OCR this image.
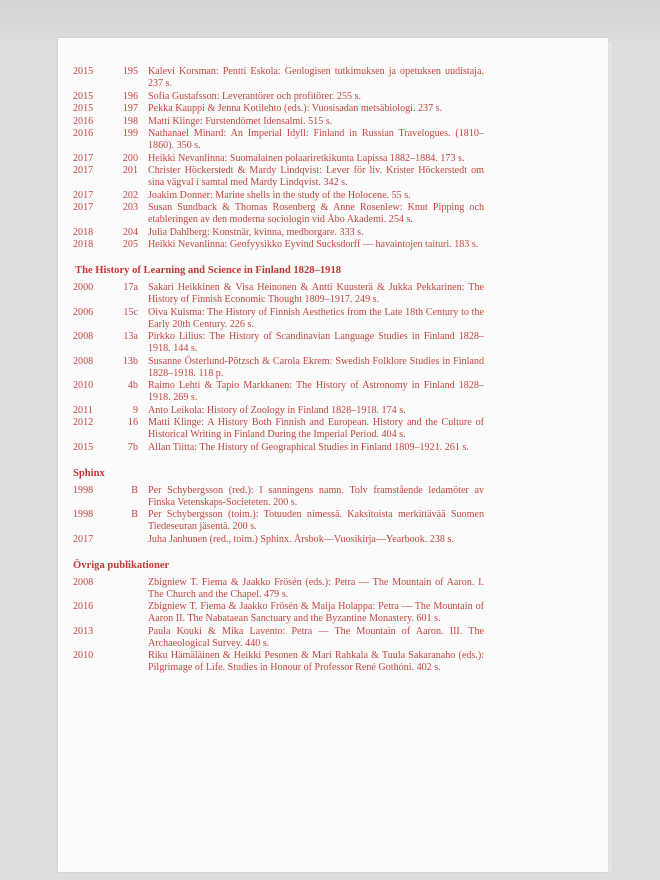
2015	195 Kalevi Korsman: Pentti Eskola: Geologisen tutkimuksen ja opetuksen uudistaja. 237 s.
2015	196 Sofia Gustafsson: Leverantörer och profitörer. 255 s.
2015	197 Pekka Kauppi & Jenna Kotilehto (eds.): Vuosisadan metsäbiologi. 237 s.
2016	198 Matti Klinge: Furstendömet Idensalmi. 515 s.
2016	199 Nathanael Minard: An Imperial Idyll: Finland in Russian Travelogues. (1810–1860). 350 s.
2017	200 Heikki Nevanlinna: Suomalainen polaariretkikunta Lapissa 1882–1884. 173 s.
2017	201 Christer Höckerstedt & Mardy Lindqvist: Lever för liv. Krister Höckerstedt om sina vägval i samtal med Mardy Lindqvist. 342 s.
2017	202 Joakim Donner: Marine shells in the study of the Holocene. 55 s.
2017	203 Susan Sundback & Thomas Rosenberg & Anne Rosenlew: Knut Pipping och etableringen av den moderna sociologin vid Åbo Akademi. 254 s.
2018	204 Julia Dahlberg: Konstnär, kvinna, medborgare. 333 s.
2018	205 Heikki Nevanlinna: Geofyysikko Eyvind Sucksdorff — havaintojen taituri. 183 s.
The History of Learning and Science in Finland 1828–1918
2000	17a Sakari Heikkinen & Visa Heinonen & Antti Kuusterä & Jukka Pekkarinen: The History of Finnish Economic Thought 1809–1917. 249 s.
2006	15c Oiva Kuisma: The History of Finnish Aesthetics from the Late 18th Century to the Early 20th Century. 226 s.
2008	13a Pirkko Lilius: The History of Scandinavian Language Studies in Finland 1828–1918. 144 s.
2008	13b Susanne Österlund-Pötzsch & Carola Ekrem: Swedish Folklore Studies in Finland 1828–1918. 118 p.
2010	4b Raimo Lehti & Tapio Markkanen: The History of Astronomy in Finland 1828–1918. 269 s.
2011	9 Anto Leikola: History of Zoology in Finland 1828–1918. 174 s.
2012	16 Matti Klinge: A History Both Finnish and European. History and the Culture of Historical Writing in Finland During the Imperial Period. 404 s.
2015	7b Allan Tiitta: The History of Geographical Studies in Finland 1809–1921. 261 s.
Sphinx
1998	B Per Schybergsson (red.): I sanningens namn. Tolv framstående ledamöter av Finska Vetenskaps-Societeten. 200 s.
1998	B Per Schybergsson (toim.): Totuuden nimessä. Kaksitoista merkittävää Suomen Tiedeseuran jäsentä. 200 s.
2017	Juha Janhunen (red., toim.) Sphinx. Årsbok—Vuosikirja—Yearbook. 238 s.
Övriga publikationer
2008	Zbigniew T. Fiema & Jaakko Frösén (eds.): Petra — The Mountain of Aaron. I. The Church and the Chapel. 479 s.
2016	Zbigniew T. Fiema & Jaakko Frösén & Maija Holappa: Petra — The Mountain of Aaron II. The Nabataean Sanctuary and the Byzantine Monastery. 601 s.
2013	Paula Kouki & Mika Lavento: Petra — The Mountain of Aaron. III. The Archaeological Survey. 440 s.
2010	Riku Hämäläinen & Heikki Pesonen & Mari Rahkala & Tuula Sakaranaho (eds.): Pilgrimage of Life. Studies in Honour of Professor René Gothóni. 402 s.
